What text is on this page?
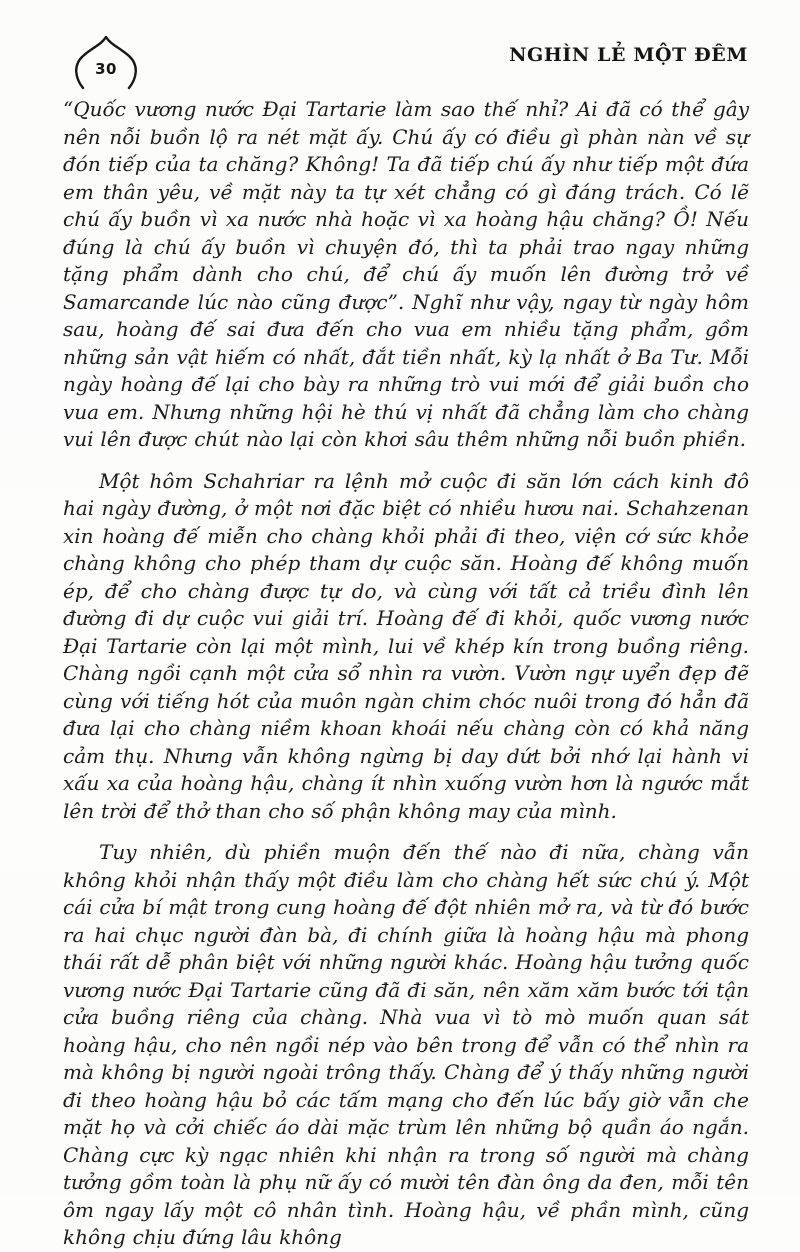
30
NGHÌN LẺ MỘT ĐÊM

“Quốc vương nước Đại Tartarie làm sao thế nhỉ? Ai đã có thể gây nên nỗi buồn lộ ra nét mặt ấy. Chú ấy có điều gì phàn nàn về sự đón tiếp của ta chăng? Không! Ta đã tiếp chú ấy như tiếp một đứa em thân yêu, về mặt này ta tự xét chẳng có gì đáng trách. Có lẽ chú ấy buồn vì xa nước nhà hoặc vì xa hoàng hậu chăng? Ồ! Nếu đúng là chú ấy buồn vì chuyện đó, thì ta phải trao ngay những tặng phẩm dành cho chú, để chú ấy muốn lên đường trở về Samarcande lúc nào cũng được”. Nghĩ như vậy, ngay từ ngày hôm sau, hoàng đế sai đưa đến cho vua em nhiều tặng phẩm, gồm những sản vật hiếm có nhất, đắt tiền nhất, kỳ lạ nhất ở Ba Tư. Mỗi ngày hoàng đế lại cho bày ra những trò vui mới để giải buồn cho vua em. Nhưng những hội hè thú vị nhất đã chẳng làm cho chàng vui lên được chút nào lại còn khơi sâu thêm những nỗi buồn phiền.

Một hôm Schahriar ra lệnh mở cuộc đi săn lớn cách kinh đô hai ngày đường, ở một nơi đặc biệt có nhiều hươu nai. Schahzenan xin hoàng đế miễn cho chàng khỏi phải đi theo, viện cớ sức khỏe chàng không cho phép tham dự cuộc săn. Hoàng đế không muốn ép, để cho chàng được tự do, và cùng với tất cả triều đình lên đường đi dự cuộc vui giải trí. Hoàng đế đi khỏi, quốc vương nước Đại Tartarie còn lại một mình, lui về khép kín trong buồng riêng. Chàng ngồi cạnh một cửa sổ nhìn ra vườn. Vườn ngự uyển đẹp đẽ cùng với tiếng hót của muôn ngàn chim chóc nuôi trong đó hẳn đã đưa lại cho chàng niềm khoan khoái nếu chàng còn có khả năng cảm thụ. Nhưng vẫn không ngừng bị day dứt bởi nhớ lại hành vi xấu xa của hoàng hậu, chàng ít nhìn xuống vườn hơn là ngước mắt lên trời để thở than cho số phận không may của mình.

Tuy nhiên, dù phiền muộn đến thế nào đi nữa, chàng vẫn không khỏi nhận thấy một điều làm cho chàng hết sức chú ý. Một cái cửa bí mật trong cung hoàng đế đột nhiên mở ra, và từ đó bước ra hai chục người đàn bà, đi chính giữa là hoàng hậu mà phong thái rất dễ phân biệt với những người khác. Hoàng hậu tưởng quốc vương nước Đại Tartarie cũng đã đi săn, nên xăm xăm bước tới tận cửa buồng riêng của chàng. Nhà vua vì tò mò muốn quan sát hoàng hậu, cho nên ngồi nép vào bên trong để vẫn có thể nhìn ra mà không bị người ngoài trông thấy. Chàng để ý thấy những người đi theo hoàng hậu bỏ các tấm mạng cho đến lúc bấy giờ vẫn che mặt họ và cởi chiếc áo dài mặc trùm lên những bộ quần áo ngắn. Chàng cực kỳ ngạc nhiên khi nhận ra trong số người mà chàng tưởng gồm toàn là phụ nữ ấy có mười tên đàn ông da đen, mỗi tên ôm ngay lấy một cô nhân tình. Hoàng hậu, về phần mình, cũng không chịu đứng lâu không
